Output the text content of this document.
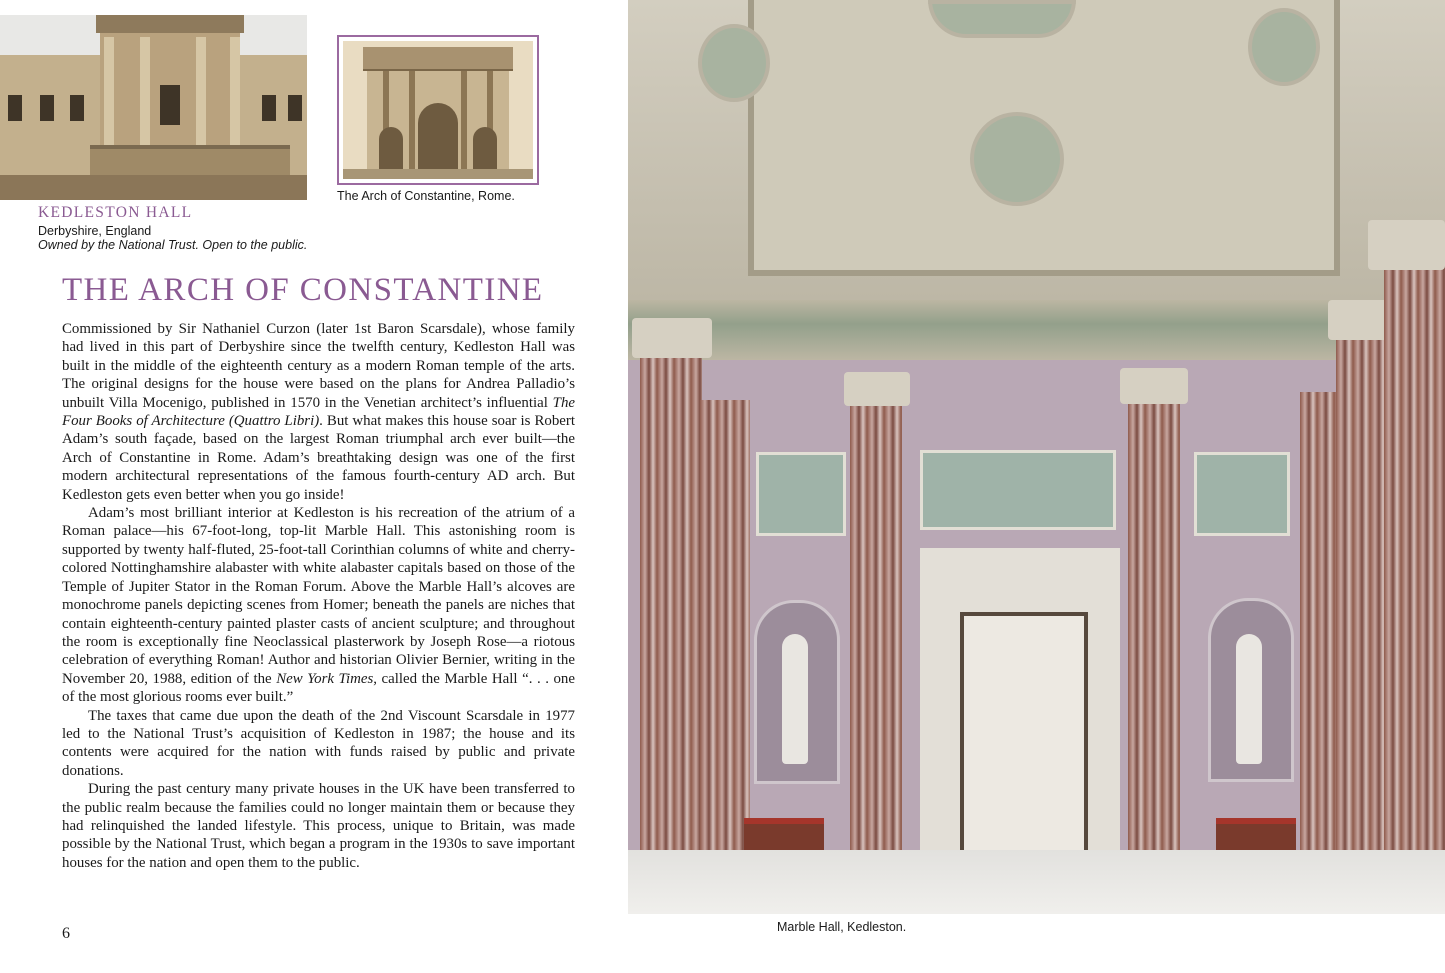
KEDLESTON HALL
Derbyshire, England
Owned by the National Trust. Open to the public.
The Arch of Constantine, Rome.
THE ARCH OF CONSTANTINE

Commissioned by Sir Nathaniel Curzon (later 1st Baron Scarsdale), whose family had lived in this part of Derbyshire since the twelfth century, Kedleston Hall was built in the middle of the eighteenth century as a modern Roman temple of the arts. The original designs for the house were based on the plans for Andrea Palladio’s unbuilt Villa Mocenigo, published in 1570 in the Venetian architect’s influential The Four Books of Architecture (Quattro Libri). But what makes this house soar is Robert Adam’s south façade, based on the largest Roman triumphal arch ever built—the Arch of Constantine in Rome. Adam’s breathtaking design was one of the first modern architectural representations of the famous fourth-century AD arch. But Kedleston gets even better when you go inside!

Adam’s most brilliant interior at Kedleston is his recreation of the atrium of a Roman palace—his 67-foot-long, top-lit Marble Hall. This astonishing room is supported by twenty half-fluted, 25-foot-tall Corinthian columns of white and cherry-colored Nottinghamshire alabaster with white alabaster capitals based on those of the Temple of Jupiter Stator in the Roman Forum. Above the Marble Hall’s alcoves are monochrome panels depicting scenes from Homer; beneath the panels are niches that contain eighteenth-century painted plaster casts of ancient sculpture; and throughout the room is exceptionally fine Neoclassical plasterwork by Joseph Rose—a riotous celebration of everything Roman! Author and historian Olivier Bernier, writing in the November 20, 1988, edition of the New York Times, called the Marble Hall “. . . one of the most glorious rooms ever built.”

The taxes that came due upon the death of the 2nd Viscount Scarsdale in 1977 led to the National Trust’s acquisition of Kedleston in 1987; the house and its contents were acquired for the nation with funds raised by public and private donations.

During the past century many private houses in the UK have been transferred to the public realm because the families could no longer maintain them or because they had relinquished the landed lifestyle. This process, unique to Britain, was made possible by the National Trust, which began a program in the 1930s to save important houses for the nation and open them to the public.

6	Marble Hall, Kedleston.
